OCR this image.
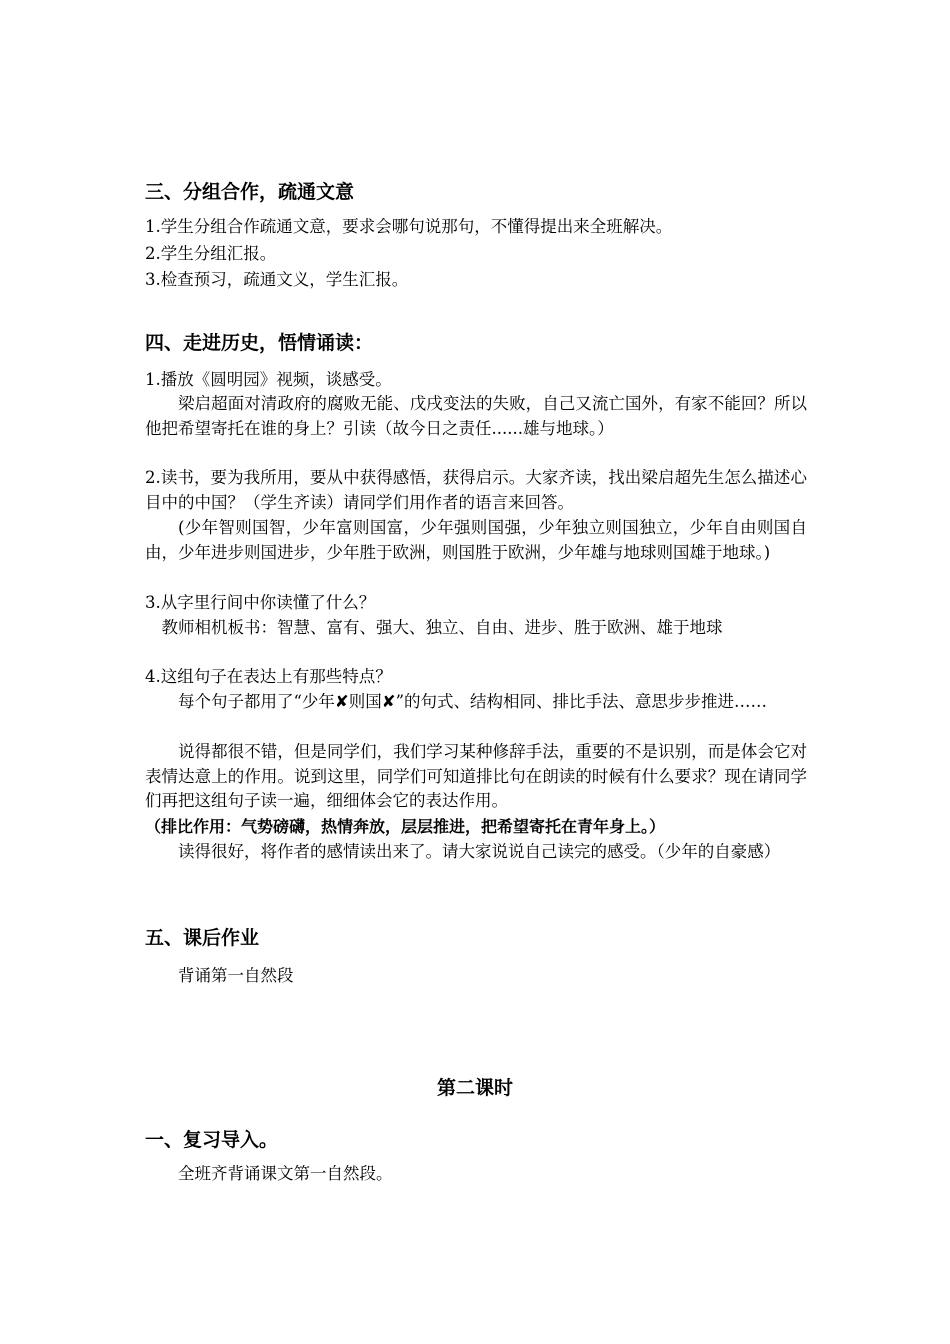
三、分组合作，疏通文意

1.学生分组合作疏通文意，要求会哪句说那句，不懂得提出来全班解决。

2.学生分组汇报。

3.检查预习，疏通文义，学生汇报。

四、走进历史，悟情诵读：

1.播放《圆明园》视频，谈感受。

梁启超面对清政府的腐败无能、戊戌变法的失败，自己又流亡国外，有家不能回？所以他把希望寄托在谁的身上？引读（故今日之责任......雄与地球。）

2.读书，要为我所用，要从中获得感悟，获得启示。大家齐读，找出梁启超先生怎么描述心目中的中国？（学生齐读）请同学们用作者的语言来回答。

(少年智则国智，少年富则国富，少年强则国强，少年独立则国独立，少年自由则国自由，少年进步则国进步，少年胜于欧洲，则国胜于欧洲，少年雄与地球则国雄于地球。)

3.从字里行间中你读懂了什么？

教师相机板书：智慧、富有、强大、独立、自由、进步、胜于欧洲、雄于地球

4.这组句子在表达上有那些特点？

每个句子都用了“少年✘则国✘”的句式、结构相同、排比手法、意思步步推进……

说得都很不错，但是同学们，我们学习某种修辞手法，重要的不是识别，而是体会它对表情达意上的作用。说到这里，同学们可知道排比句在朗读的时候有什么要求？现在请同学们再把这组句子读一遍，细细体会它的表达作用。

（排比作用：气势磅礴，热情奔放，层层推进，把希望寄托在青年身上。）

读得很好，将作者的感情读出来了。请大家说说自己读完的感受。（少年的自豪感）

五、课后作业

背诵第一自然段

第二课时
一、复习导入。

全班齐背诵课文第一自然段。
